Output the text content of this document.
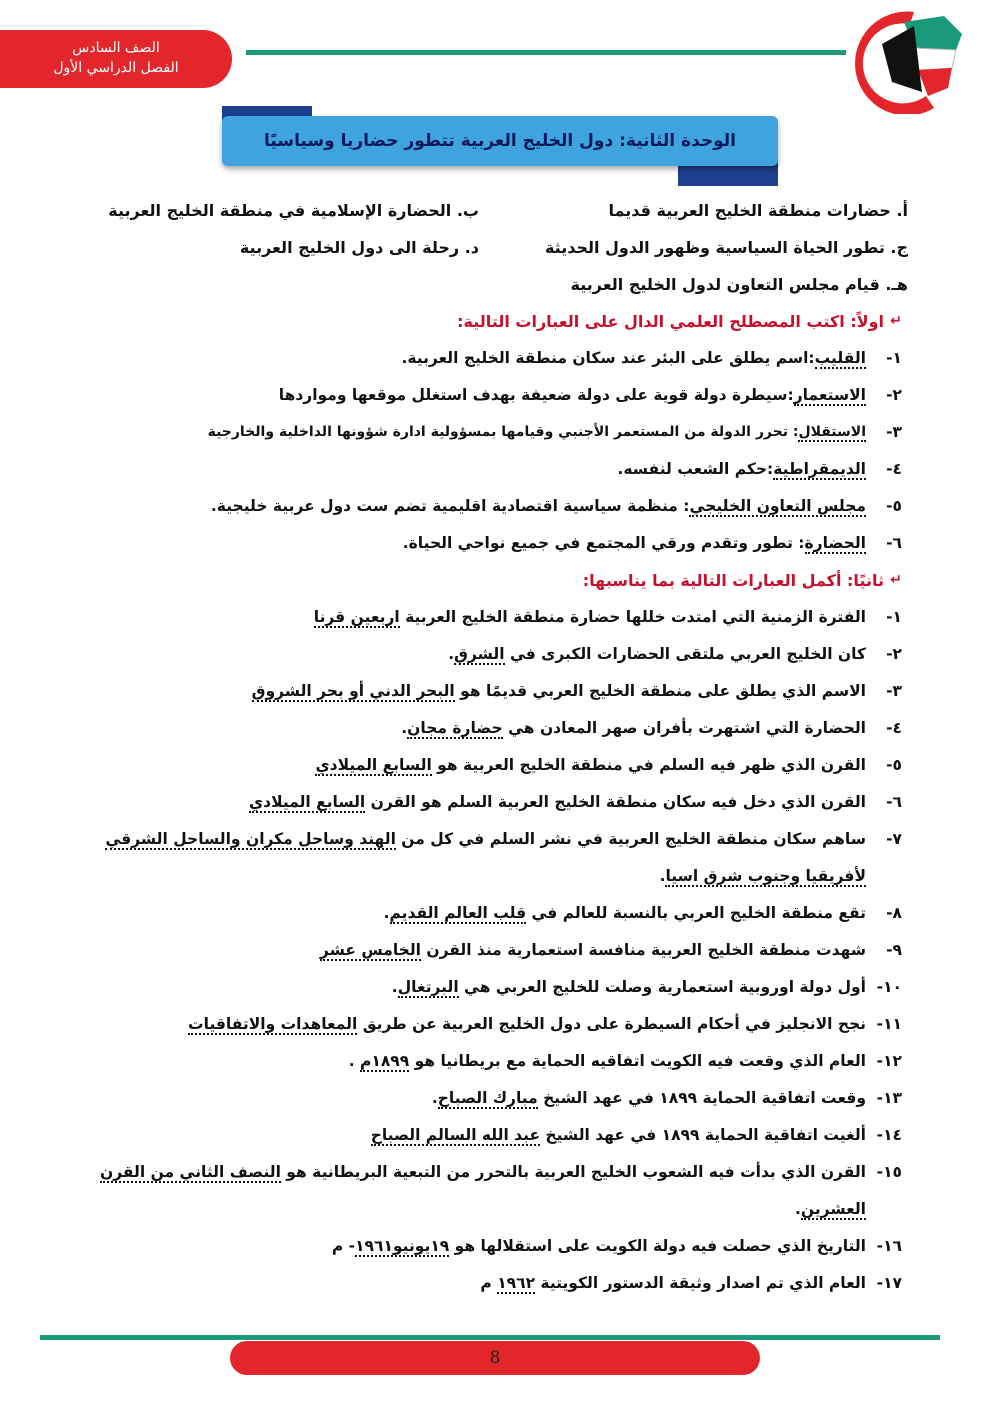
الصف السادس
الفصل الدراسي الأول
الوحدة الثانية: دول الخليج العربية تتطور حضاريا وسياسيًا
أ. حضارات منطقة الخليج العربية قديما
ب. الحضارة الإسلامية في منطقة الخليج العربية
ج. تطور الحياة السياسية وظهور الدول الحديثة
د. رحلة الى دول الخليج العربية
هـ. قيام مجلس التعاون لدول الخليج العربية
↵
اولاً: اكتب المصطلح العلمي الدال على العبارات التالية:
١-
القليب:اسم يطلق على البئر عند سكان منطقة الخليج العربية.
٢-
الاستعمار:سيطرة دولة قوية على دولة ضعيفة بهدف استغلل موقعها ومواردها
٣-
الاستقلال: تحرر الدولة من المستعمر الأجنبي وقيامها بمسؤولية ادارة شؤونها الداخلية والخارجية
٤-
الديمقراطية:حكم الشعب لنفسه.
٥-
مجلس التعاون الخليجي: منظمة سياسية اقتصادية اقليمية تضم ست دول عربية خليجية.
٦-
الحضارة: تطور وتقدم ورقي المجتمع في جميع نواحي الحياة.
↵
ثانيًا: أكمل العبارات التالية بما يناسبها:
١-
الفترة الزمنية التي امتدت خللها حضارة منطقة الخليج العربية اربعين قرنا
٢-
كان الخليج العربي ملتقى الحضارات الكبرى في الشرق.
٣-
الاسم الذي يطلق على منطقة الخليج العربي قديمًا هو البحر الدني أو بحر الشروق
٤-
الحضارة التي اشتهرت بأفران صهر المعادن هي حضارة مجان.
٥-
القرن الذي ظهر فيه السلم في منطقة الخليج العربية هو السابع الميلادي
٦-
القرن الذي دخل فيه سكان منطقة الخليج العربية السلم هو القرن السابع الميلادي
٧-
ساهم سكان منطقة الخليج العربية في نشر السلم في كل من الهند وساحل مكران والساحل الشرقي لأفريقيا وجنوب شرق اسيا.
٨-
تقع منطقة الخليج العربي بالنسبة للعالم في قلب العالم القديم.
٩-
شهدت منطقة الخليج العربية منافسة استعمارية منذ القرن الخامس عشر
١٠-
أول دولة اوروبية استعمارية وصلت للخليج العربي هي البرتغال.
١١-
نجح الانجليز في أحكام السيطرة على دول الخليج العربية عن طريق المعاهدات والاتفاقيات
١٢-
العام الذي وقعت فيه الكويت اتفاقيه الحماية مع بريطانيا هو ١٨٩٩م .
١٣-
وقعت اتفاقية الحماية ١٨٩٩ في عهد الشيخ مبارك الصباح.
١٤-
ألغيت اتفاقية الحماية ١٨٩٩ في عهد الشيخ عبد الله السالم الصباح
١٥-
القرن الذي بدأت فيه الشعوب الخليج العربية بالتحرر من التبعية البريطانية هو النصف الثاني من القرن العشرين.
١٦-
التاريخ الذي حصلت فيه دولة الكويت على استقلالها هو ١٩يونيو١٩٦١- م
١٧-
العام الذي تم اصدار وثيقة الدستور الكويتية ١٩٦٢ م
8
